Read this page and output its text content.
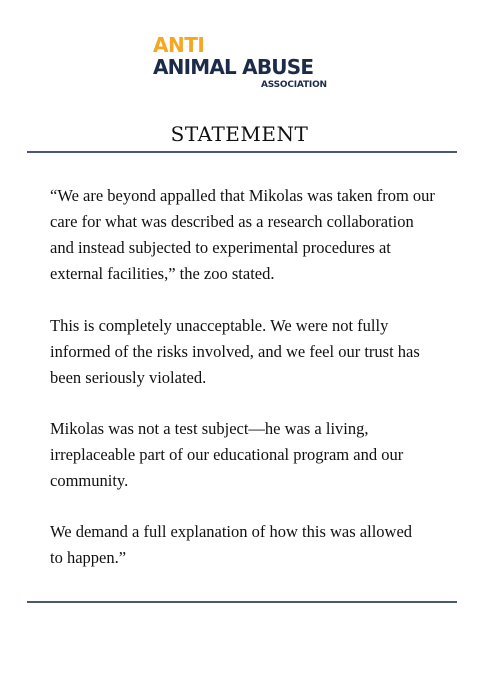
ANTI
ANIMAL ABUSE
ASSOCIATION
STATEMENT
“We are beyond appalled that Mikolas was taken from our
care for what was described as a research collaboration
and instead subjected to experimental procedures at
external facilities,” the zoo stated.
This is completely unacceptable. We were not fully
informed of the risks involved, and we feel our trust has
been seriously violated.
Mikolas was not a test subject—he was a living,
irreplaceable part of our educational program and our
community.
We demand a full explanation of how this was allowed
to happen.”
